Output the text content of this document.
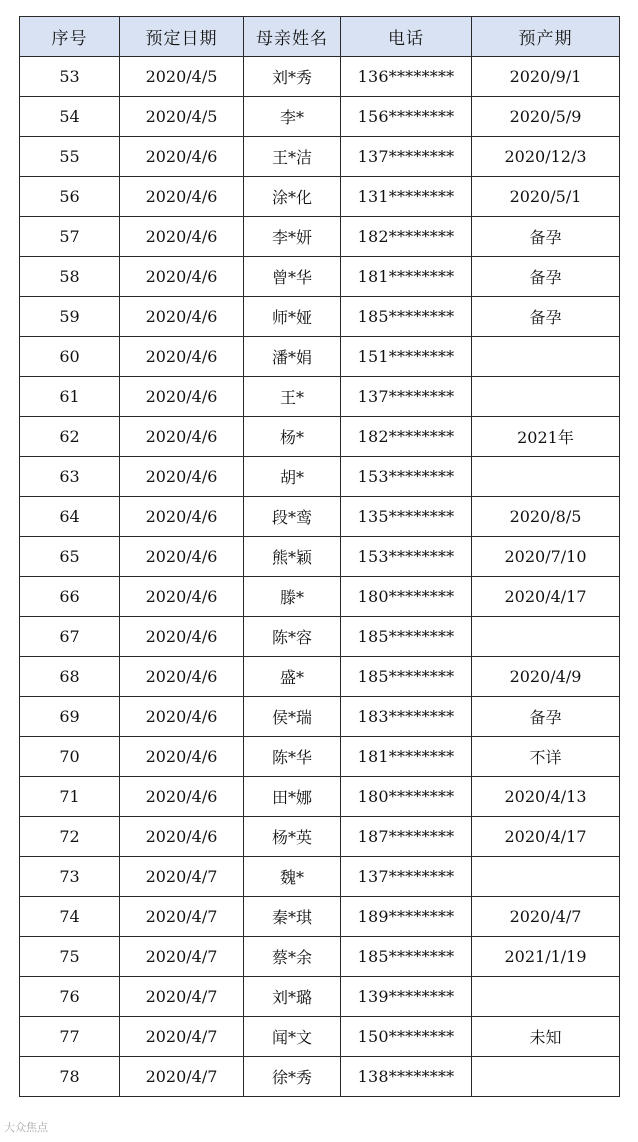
序号	预定日期	母亲姓名	电话	预产期
53	2020/4/5	刘*秀	136********	2020/9/1
54	2020/4/5	李*	156********	2020/5/9
55	2020/4/6	王*洁	137********	2020/12/3
56	2020/4/6	涂*化	131********	2020/5/1
57	2020/4/6	李*妍	182********	备孕
58	2020/4/6	曾*华	181********	备孕
59	2020/4/6	师*娅	185********	备孕
60	2020/4/6	潘*娟	151********	
61	2020/4/6	王*	137********	
62	2020/4/6	杨*	182********	2021年
63	2020/4/6	胡*	153********	
64	2020/4/6	段*鸾	135********	2020/8/5
65	2020/4/6	熊*颖	153********	2020/7/10
66	2020/4/6	滕*	180********	2020/4/17
67	2020/4/6	陈*容	185********	
68	2020/4/6	盛*	185********	2020/4/9
69	2020/4/6	侯*瑞	183********	备孕
70	2020/4/6	陈*华	181********	不详
71	2020/4/6	田*娜	180********	2020/4/13
72	2020/4/6	杨*英	187********	2020/4/17
73	2020/4/7	魏*	137********	
74	2020/4/7	秦*琪	189********	2020/4/7
75	2020/4/7	蔡*余	185********	2021/1/19
76	2020/4/7	刘*璐	139********	
77	2020/4/7	闻*文	150********	未知
78	2020/4/7	徐*秀	138********	
大众焦点
